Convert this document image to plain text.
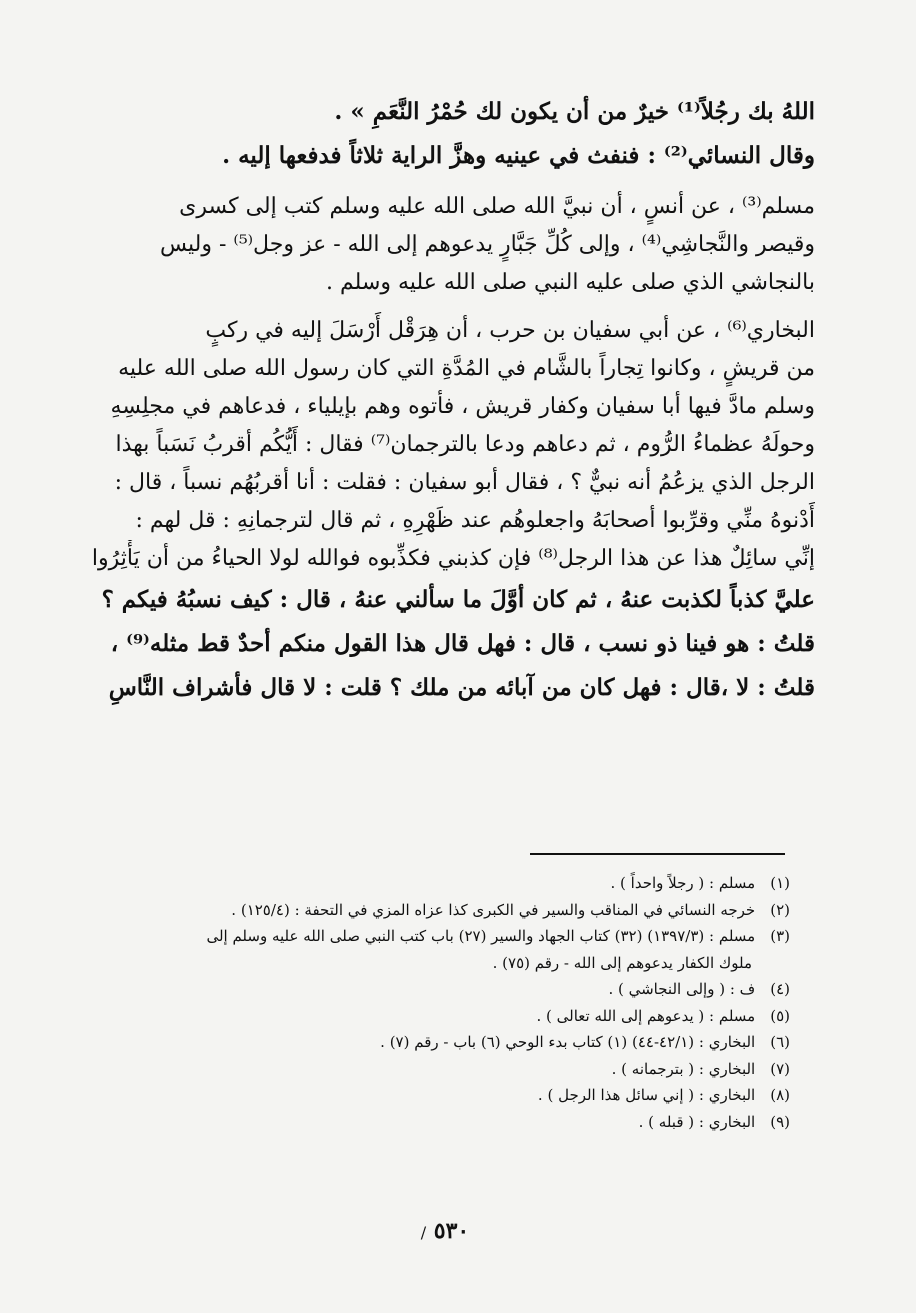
اللهُ بك رجُلاً⁽¹⁾ خيرٌ من أن يكون لك حُمْرُ النَّعَمِ » .
وقال النسائي⁽²⁾ : فنفث في عينيه وهزَّ الراية ثلاثاً فدفعها إليه .
مسلم⁽³⁾ ، عن أنسٍ ، أن نبيَّ الله صلى الله عليه وسلم كتب إلى كسرى
وقيصر والنَّجاشِي⁽⁴⁾ ، وإلى كُلِّ جَبَّارٍ يدعوهم إلى الله - عز وجل⁽⁵⁾ - وليس
بالنجاشي الذي صلى عليه النبي صلى الله عليه وسلم .
البخاري⁽⁶⁾ ، عن أبي سفيان بن حرب ، أن هِرَقْل أَرْسَلَ إليه في ركبٍ
من قريشٍ ، وكانوا تِجاراً بالشَّام في المُدَّةِ التي كان رسول الله صلى الله عليه
وسلم مادَّ فيها أبا سفيان وكفار قريش ، فأتوه وهم بإيلياء ، فدعاهم في مجلِسِهِ
وحولَهُ عظماءُ الرُّوم ، ثم دعاهم ودعا بالترجمان⁽⁷⁾ فقال : أَيُّكُم أقربُ نَسَباً بهذا
الرجل الذي يزعُمُ أنه نبيٌّ ؟ ، فقال أبو سفيان : فقلت : أنا أقربُهُم نسباً ، قال :
أَدْنوهُ منِّي وقرِّبوا أصحابَهُ واجعلوهُم عند ظَهْرِهِ ، ثم قال لترجمانِهِ : قل لهم :
إنِّي سائِلٌ هذا عن هذا الرجل⁽⁸⁾ فإن كذبني فكذِّبوه فوالله لولا الحياءُ من أن يَأْثِرُوا
عليَّ كذباً لكذبت عنهُ ، ثم كان أوَّلَ ما سألني عنهُ ، قال : كيف نسبُهُ فيكم ؟
قلتُ : هو فينا ذو نسب ، قال : فهل قال هذا القول منكم أحدٌ قط مثله⁽⁹⁾ ،
قلتُ : لا ،قال : فهل كان من آبائه من ملك ؟ قلت : لا قال فأشراف النَّاسِ
(١) مسلم : ( رجلاً واحداً ) .
(٢) خرجه النسائي في المناقب والسير في الكبرى كذا عزاه المزي في التحفة : (١٢٥/٤) .
(٣) مسلم : (١٣٩٧/٣) (٣٢) كتاب الجهاد والسير (٢٧) باب كتب النبي صلى الله عليه وسلم إلى
ملوك الكفار يدعوهم إلى الله - رقم (٧٥) .
(٤) ف : ( وإلى النجاشي ) .
(٥) مسلم : ( يدعوهم إلى الله تعالى ) .
(٦) البخاري : (٤٢/١-٤٤) (١) كتاب بدء الوحي (٦) باب - رقم (٧) .
(٧) البخاري : ( بترجمانه ) .
(٨) البخاري : ( إني سائل هذا الرجل ) .
(٩) البخاري : ( قبله ) .
٥٣٠ /
